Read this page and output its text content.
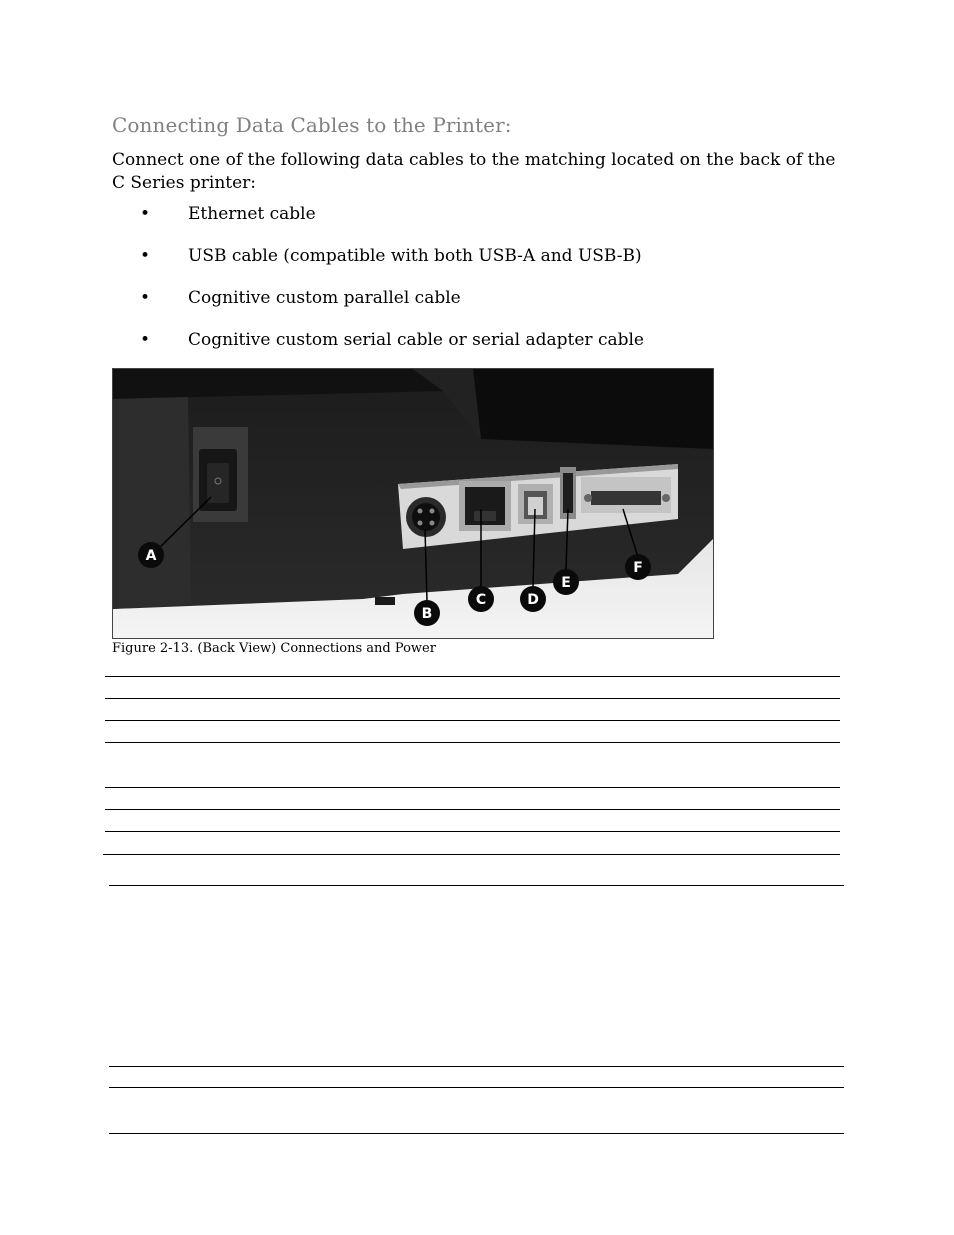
Connecting Data Cables to the Printer:
Connect one of the following data cables to the matching located on the back of the C Series printer:
• Ethernet cable
• USB cable (compatible with both USB-A and USB-B)
• Cognitive custom parallel cable
• Cognitive custom serial cable or serial adapter cable
A
B
C	D
E
F
Figure 2-13. (Back View) Connections and Power
